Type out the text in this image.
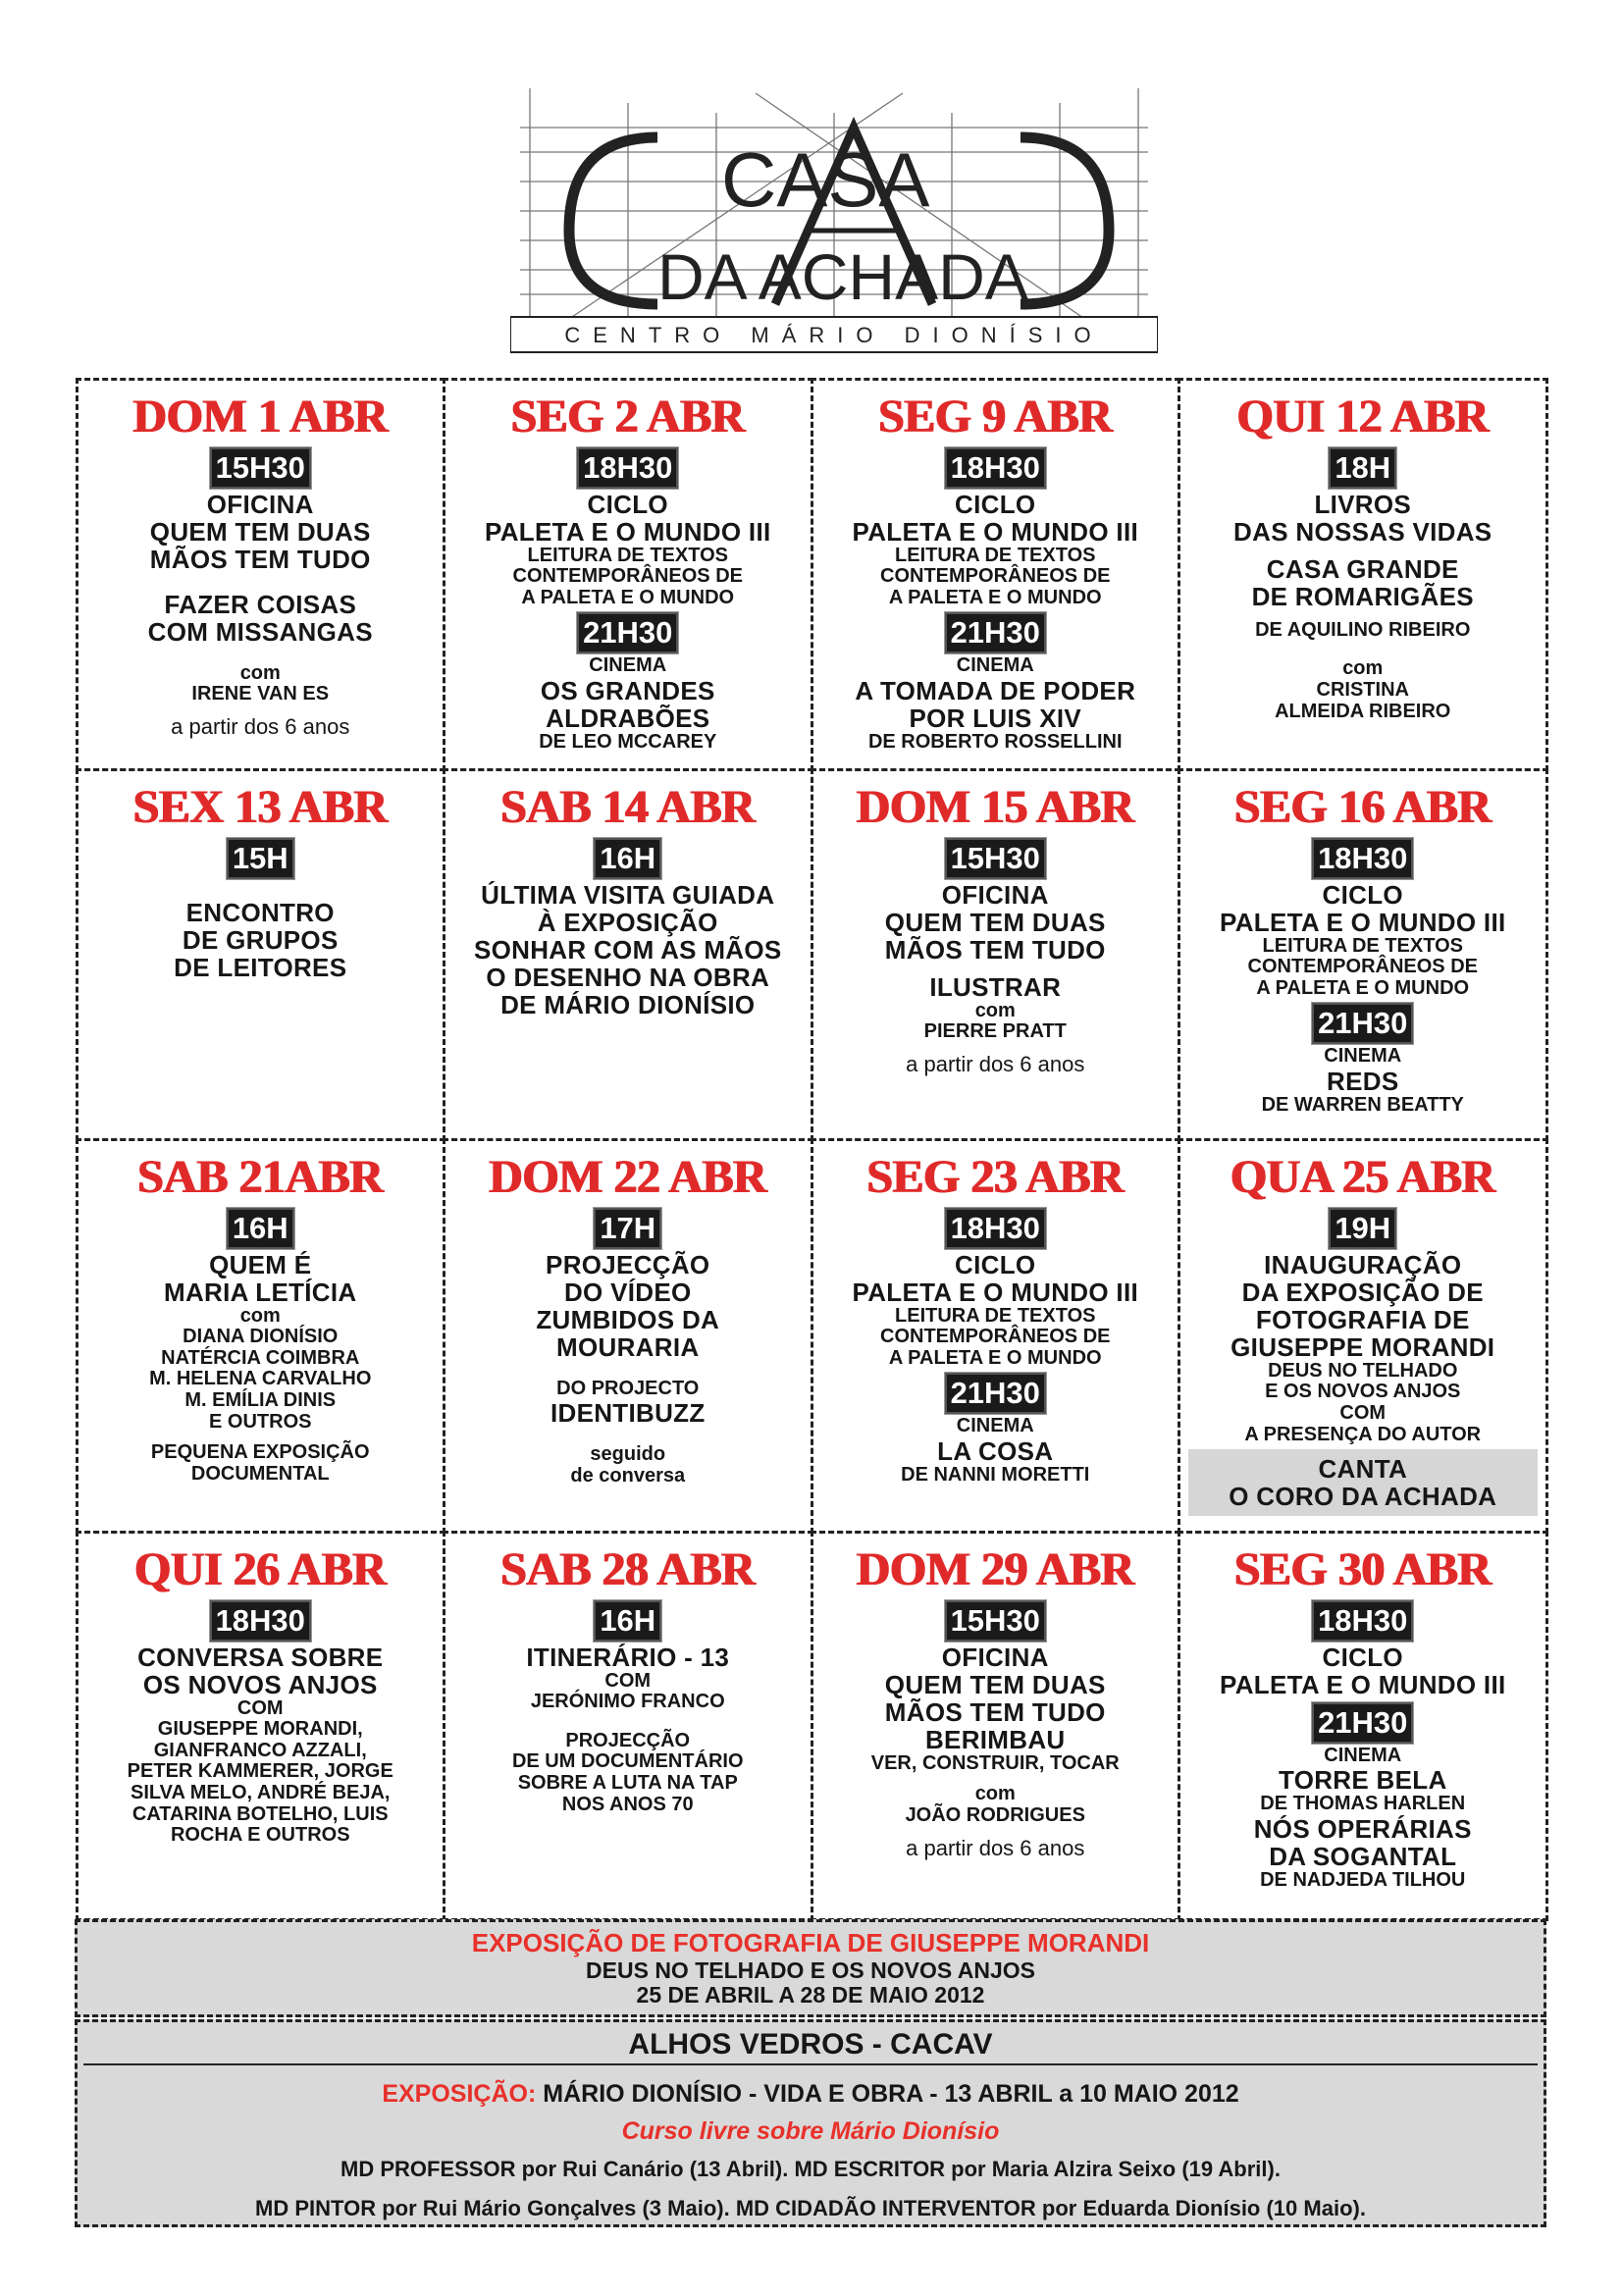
CASA
DA ACHADA
CENTRO MÁRIO DIONÍSIO
DOM 1 ABR
15H30
OFICINA
QUEM TEM DUAS
MÃOS TEM TUDO
FAZER COISAS
COM MISSANGAS
com
IRENE VAN ES
a partir dos 6 anos
SEG 2 ABR
18H30
CICLO
PALETA E O MUNDO III
LEITURA DE TEXTOS
CONTEMPORÂNEOS DE
A PALETA E O MUNDO
21H30
CINEMA
OS GRANDES
ALDRABÕES
DE LEO MCCAREY
SEG 9 ABR
18H30
CICLO
PALETA E O MUNDO III
LEITURA DE TEXTOS
CONTEMPORÂNEOS DE
A PALETA E O MUNDO
21H30
CINEMA
A TOMADA DE PODER
POR LUIS XIV
DE ROBERTO ROSSELLINI
QUI 12 ABR
18H
LIVROS
DAS NOSSAS VIDAS
CASA GRANDE
DE ROMARIGÃES
DE AQUILINO RIBEIRO
com
CRISTINA
ALMEIDA RIBEIRO
SEX 13 ABR
15H
ENCONTRO
DE GRUPOS
DE LEITORES
SAB 14 ABR
16H
ÚLTIMA VISITA GUIADA
À EXPOSIÇÃO
SONHAR COM AS MÃOS
O DESENHO NA OBRA
DE MÁRIO DIONÍSIO
DOM 15 ABR
15H30
OFICINA
QUEM TEM DUAS
MÃOS TEM TUDO
ILUSTRAR
com
PIERRE PRATT
a partir dos 6 anos
SEG 16 ABR
18H30
CICLO
PALETA E O MUNDO III
LEITURA DE TEXTOS
CONTEMPORÂNEOS DE
A PALETA E O MUNDO
21H30
CINEMA
REDS
DE WARREN BEATTY
SAB 21ABR
16H
QUEM É
MARIA LETÍCIA
com
DIANA DIONÍSIO
NATÉRCIA COIMBRA
M. HELENA CARVALHO
M. EMÍLIA DINIS
E OUTROS
PEQUENA EXPOSIÇÃO
DOCUMENTAL
DOM 22 ABR
17H
PROJECÇÃO
DO VÍDEO
ZUMBIDOS DA
MOURARIA
DO PROJECTO
IDENTIBUZZ
seguido
de conversa
SEG 23 ABR
18H30
CICLO
PALETA E O MUNDO III
LEITURA DE TEXTOS
CONTEMPORÂNEOS DE
A PALETA E O MUNDO
21H30
CINEMA
LA COSA
DE NANNI MORETTI
QUA 25 ABR
19H
INAUGURAÇÃO
DA EXPOSIÇÃO DE
FOTOGRAFIA DE
GIUSEPPE MORANDI
DEUS NO TELHADO
E OS NOVOS ANJOS
COM
A PRESENÇA DO AUTOR
CANTA
O CORO DA ACHADA
QUI 26 ABR
18H30
CONVERSA SOBRE
OS NOVOS ANJOS
COM
GIUSEPPE MORANDI,
GIANFRANCO AZZALI,
PETER KAMMERER, JORGE
SILVA MELO, ANDRÉ BEJA,
CATARINA BOTELHO, LUIS
ROCHA E OUTROS
SAB 28 ABR
16H
ITINERÁRIO - 13
COM
JERÓNIMO FRANCO
PROJECÇÃO
DE UM DOCUMENTÁRIO
SOBRE A LUTA NA TAP
NOS ANOS 70
DOM 29 ABR
15H30
OFICINA
QUEM TEM DUAS
MÃOS TEM TUDO
BERIMBAU
VER, CONSTRUIR, TOCAR
com
JOÃO RODRIGUES
a partir dos 6 anos
SEG 30 ABR
18H30
CICLO
PALETA E O MUNDO III
21H30
CINEMA
TORRE BELA
DE THOMAS HARLEN
NÓS OPERÁRIAS
DA SOGANTAL
DE NADJEDA TILHOU
EXPOSIÇÃO DE FOTOGRAFIA DE GIUSEPPE MORANDI
DEUS NO TELHADO E OS NOVOS ANJOS
25 DE ABRIL A 28 DE MAIO 2012
ALHOS VEDROS - CACAV
EXPOSIÇÃO: MÁRIO DIONÍSIO - VIDA E OBRA - 13 ABRIL a 10 MAIO 2012
Curso livre sobre Mário Dionísio
MD PROFESSOR por Rui Canário (13 Abril). MD ESCRITOR por Maria Alzira Seixo (19 Abril).
MD PINTOR por Rui Mário Gonçalves (3 Maio). MD CIDADÃO INTERVENTOR por Eduarda Dionísio (10 Maio).
